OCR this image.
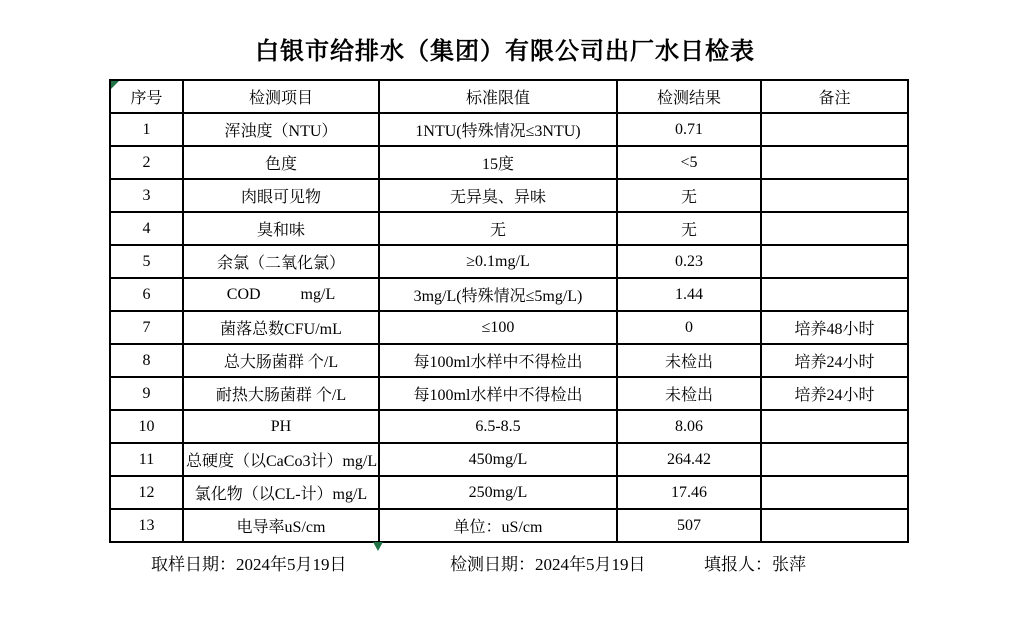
白银市给排水（集团）有限公司出厂水日检表
序号	检测项目	标准限值	检测结果	备注
1	浑浊度（NTU）	1NTU(特殊情况≤3NTU)	0.71	
2	色度	15度	<5	
3	肉眼可见物	无异臭、异味	无	
4	臭和味	无	无	
5	余氯（二氧化氯）	≥0.1mg/L	0.23	
6	COD          mg/L	3mg/L(特殊情况≤5mg/L)	1.44	
7	菌落总数CFU/mL	≤100	0	培养48小时
8	总大肠菌群 个/L	每100ml水样中不得检出	未检出	培养24小时
9	耐热大肠菌群 个/L	每100ml水样中不得检出	未检出	培养24小时
10	PH	6.5-8.5	8.06	
11	总硬度（以CaCo3计）mg/L	450mg/L	264.42	
12	氯化物（以CL-计）mg/L	250mg/L	17.46	
13	电导率uS/cm	单位：uS/cm	507	
取样日期：2024年5月19日	检测日期：2024年5月19日	填报人：张萍
